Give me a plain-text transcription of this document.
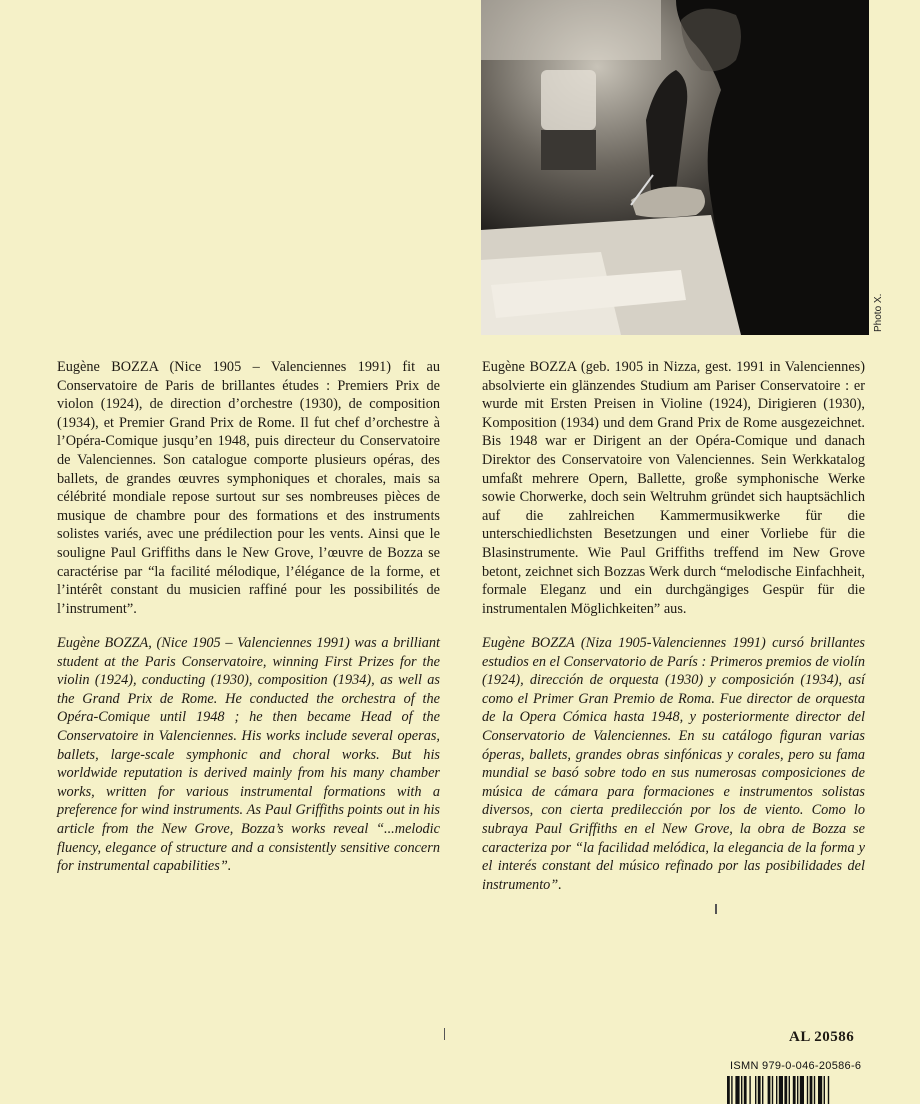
Photo X.

Eugène BOZZA (Nice 1905 – Valenciennes 1991) fit au Conservatoire de Paris de brillantes études : Premiers Prix de violon (1924), de direction d’orchestre (1930), de composition (1934), et Premier Grand Prix de Rome. Il fut chef d’orchestre à l’Opéra-Comique jusqu’en 1948, puis directeur du Conservatoire de Valenciennes. Son catalogue comporte plusieurs opéras, des ballets, de grandes œuvres symphoniques et chorales, mais sa célébrité mondiale repose surtout sur ses nombreuses pièces de musique de chambre pour des formations et des instruments solistes variés, avec une prédilection pour les vents. Ainsi que le souligne Paul Griffiths dans le New Grove, l’œuvre de Bozza se caractérise par “la facilité mélodique, l’élégance de la forme, et l’intérêt constant du musicien raffiné pour les possibilités de l’instrument”.

Eugène BOZZA, (Nice 1905 – Valenciennes 1991) was a brilliant student at the Paris Conservatoire, winning First Prizes for the violin (1924), conducting (1930), composition (1934), as well as the Grand Prix de Rome. He conducted the orchestra of the Opéra-Comique until 1948 ; he then became Head of the Conservatoire in Valenciennes. His works include several operas, ballets, large-scale symphonic and choral works. But his worldwide reputation is derived mainly from his many chamber works, written for various instrumental formations with a preference for wind instruments. As Paul Griffiths points out in his article from the New Grove, Bozza’s works reveal “...melodic fluency, elegance of structure and a consistently sensitive concern for instrumental capabilities”.

Eugène BOZZA (geb. 1905 in Nizza, gest. 1991 in Valenciennes) absolvierte ein glänzendes Studium am Pariser Conservatoire : er wurde mit Ersten Preisen in Violine (1924), Dirigieren (1930), Komposition (1934) und dem Grand Prix de Rome ausgezeichnet. Bis 1948 war er Dirigent an der Opéra-Comique und danach Direktor des Conservatoire von Valenciennes. Sein Werkkatalog umfaßt mehrere Opern, Ballette, große symphonische Werke sowie Chorwerke, doch sein Weltruhm gründet sich hauptsächlich auf die zahlreichen Kammermusikwerke für die unterschiedlichsten Besetzungen und einer Vorliebe für die Blasinstrumente. Wie Paul Griffiths treffend im New Grove betont, zeichnet sich Bozzas Werk durch “melodische Einfachheit, formale Eleganz und ein durchgängiges Gespür für die instrumentalen Möglichkeiten” aus.

Eugène BOZZA (Niza 1905-Valenciennes 1991) cursó brillantes estudios en el Conservatorio de París : Primeros premios de violín (1924), dirección de orquesta (1930) y composición (1934), así como el Primer Gran Premio de Roma. Fue director de orquesta de la Opera Cómica hasta 1948, y posteriormente director del Conservatorio de Valenciennes. En su catálogo figuran varias óperas, ballets, grandes obras sinfónicas y corales, pero su fama mundial se basó sobre todo en sus numerosas composiciones de música de cámara para formaciones e instrumentos solistas diversos, con cierta predilección por los de viento. Como lo subraya Paul Griffiths en el New Grove, la obra de Bozza se caracteriza por “la facilidad melódica, la elegancia de la forma y el interés constant del músico refinado por las posibilidades del instrumento”.

AL 20586
ISMN 979-0-046-20586-6
